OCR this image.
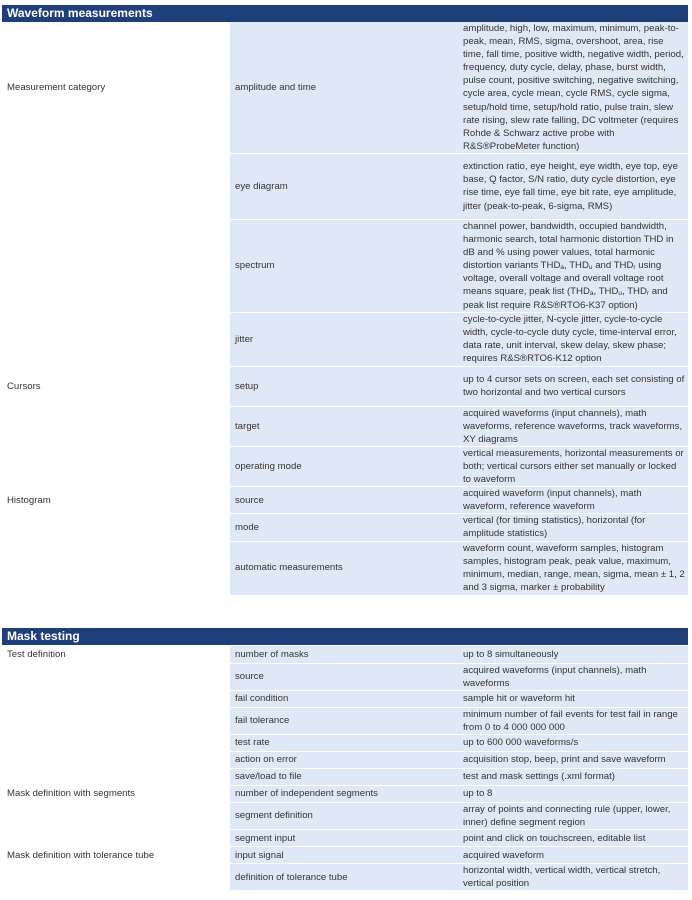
Waveform measurements
Measurement category	amplitude and time	amplitude, high, low, maximum, minimum, peak-to-peak, mean, RMS, sigma, overshoot, area, rise time, fall time, positive width, negative width, period, frequency, duty cycle, delay, phase, burst width, pulse count, positive switching, negative switching, cycle area, cycle mean, cycle RMS, cycle sigma, setup/hold time, setup/hold ratio, pulse train, slew rate rising, slew rate falling, DC voltmeter (requires Rohde & Schwarz active probe with R&S®ProbeMeter function)
	eye diagram	extinction ratio, eye height, eye width, eye top, eye base, Q factor, S/N ratio, duty cycle distortion, eye rise time, eye fall time, eye bit rate, eye amplitude, jitter (peak-to-peak, 6-sigma, RMS)
	spectrum	channel power, bandwidth, occupied bandwidth, harmonic search, total harmonic distortion THD in dB and % using power values, total harmonic distortion variants $THD_a$, $THD_u$ and $THD_r$ using voltage, overall voltage and overall voltage root means square, peak list ($THD_a$, $THD_u$, $THD_r$ and peak list require R&S®RTO6-K37 option)
	jitter	cycle-to-cycle jitter, N-cycle jitter, cycle-to-cycle width, cycle-to-cycle duty cycle, time-interval error, data rate, unit interval, skew delay, skew phase; requires R&S®RTO6-K12 option
Cursors	setup	up to 4 cursor sets on screen, each set consisting of two horizontal and two vertical cursors
	target	acquired waveforms (input channels), math waveforms, reference waveforms, track waveforms, XY diagrams
	operating mode	vertical measurements, horizontal measurements or both; vertical cursors either set manually or locked to waveform
Histogram	source	acquired waveform (input channels), math waveform, reference waveform
	mode	vertical (for timing statistics), horizontal (for amplitude statistics)
	automatic measurements	waveform count, waveform samples, histogram samples, histogram peak, peak value, maximum, minimum, median, range, mean, sigma, mean ± 1, 2 and 3 sigma, marker ± probability
Mask testing
Test definition	number of masks	up to 8 simultaneously
	source	acquired waveforms (input channels), math waveforms
	fail condition	sample hit or waveform hit
	fail tolerance	minimum number of fail events for test fail in range from 0 to 4 000 000 000
	test rate	up to 600 000 waveforms/s
	action on error	acquisition stop, beep, print and save waveform
	save/load to file	test and mask settings (.xml format)
Mask definition with segments	number of independent segments	up to 8
	segment definition	array of points and connecting rule (upper, lower, inner) define segment region
	segment input	point and click on touchscreen, editable list
Mask definition with tolerance tube	input signal	acquired waveform
	definition of tolerance tube	horizontal width, vertical width, vertical stretch, vertical position
